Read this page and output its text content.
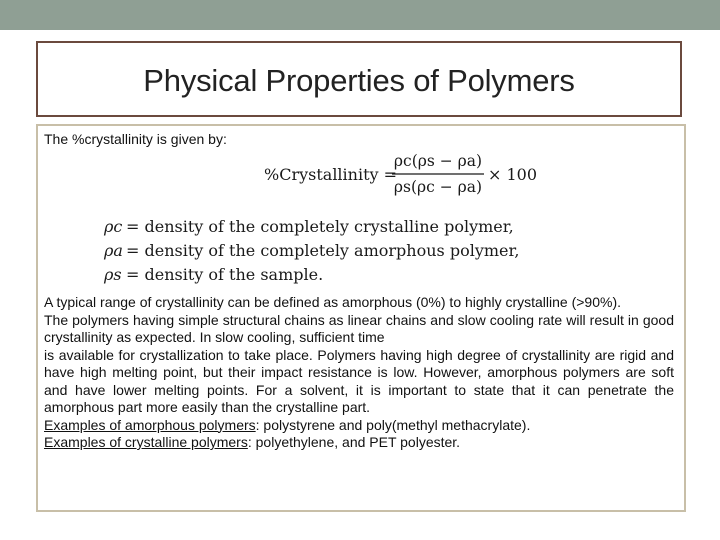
Physical Properties of Polymers

The %crystallinity is given by:

%Crystallinity =
ρc(ρs − ρa)
ρs(ρc − ρa)
× 100
ρc = density of the completely crystalline polymer,
ρa = density of the completely amorphous polymer,
ρs = density of the sample.

A typical range of crystallinity can be defined as amorphous (0%) to highly crystalline (>90%).

The polymers having simple structural chains as linear chains and slow cooling rate will result in good crystallinity as expected. In slow cooling, sufficient time

is available for crystallization to take place. Polymers having high degree of crystallinity are rigid and have high melting point, but their impact resistance is low. However, amorphous polymers are soft and have lower melting points. For a solvent, it is important to state that it can penetrate the amorphous part more easily than the crystalline part.

Examples of amorphous polymers: polystyrene and poly(methyl methacrylate).

Examples of crystalline polymers: polyethylene, and PET polyester.
